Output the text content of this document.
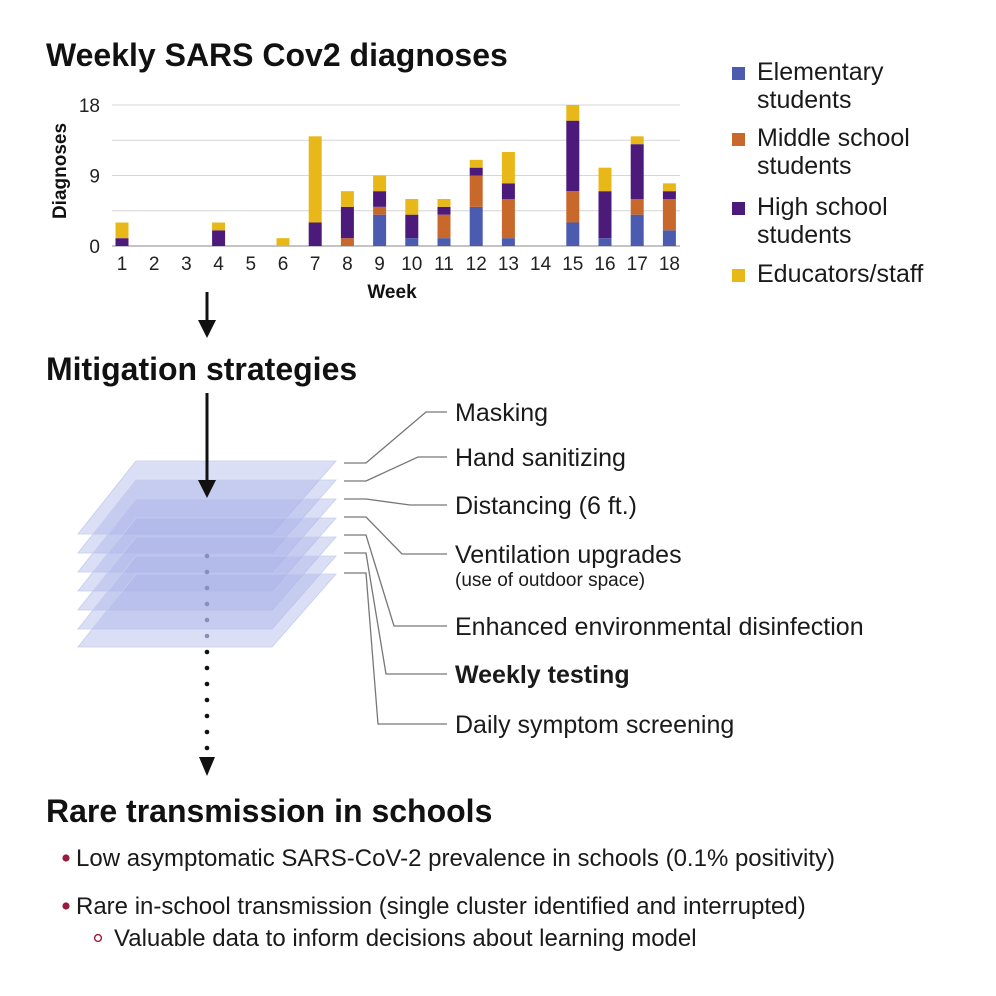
Weekly SARS Cov2 diagnoses
0
9
18
Diagnoses
1 2 3 4 5 6 7 8 9 10 11 12 13 14 15 16 17 18
Week
Elementary
students
Middle school
students
High school
students
Educators/staff
Mitigation strategies
Masking
Hand sanitizing
Distancing (6 ft.)
Ventilation upgrades
(use of outdoor space)
Enhanced environmental disinfection
Weekly testing
Daily symptom screening
Rare transmission in schools
Low asymptomatic SARS-CoV-2 prevalence in schools (0.1% positivity)
Rare in-school transmission (single cluster identified and interrupted)
Valuable data to inform decisions about learning model
